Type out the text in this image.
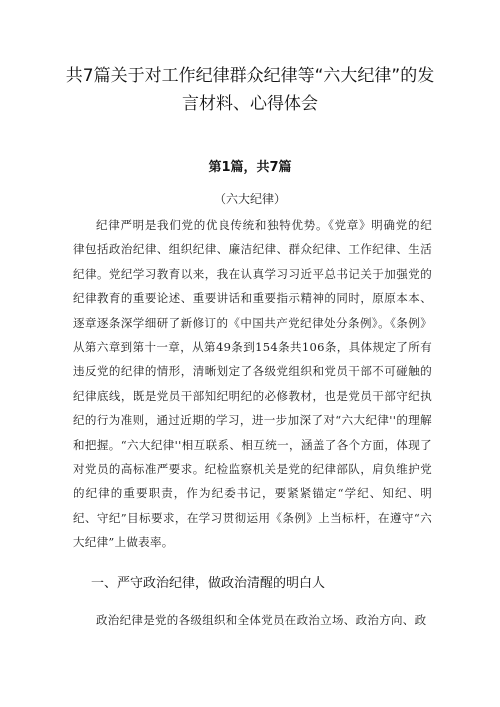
共7篇关于对工作纪律群众纪律等“六大纪律”的发言材料、心得体会
第1篇，共7篇
（六大纪律）

纪律严明是我们党的优良传统和独特优势。《党章》明确党的纪律包括政治纪律、组织纪律、廉洁纪律、群众纪律、工作纪律、生活纪律。党纪学习教育以来，我在认真学习习近平总书记关于加强党的纪律教育的重要论述、重要讲话和重要指示精神的同时，原原本本、逐章逐条深学细研了新修订的《中国共产党纪律处分条例》。《条例》从第六章到第十一章，从第49条到154条共106条，具体规定了所有违反党的纪律的情形，清晰划定了各级党组织和党员干部不可碰触的纪律底线，既是党员干部知纪明纪的必修教材，也是党员干部守纪执纪的行为准则，通过近期的学习，进一步加深了对“六大纪律''的理解和把握。“六大纪律''相互联系、相互统一，涵盖了各个方面，体现了对党员的高标准严要求。纪检监察机关是党的纪律部队，肩负维护党的纪律的重要职责，作为纪委书记，要紧紧锚定“学纪、知纪、明纪、守纪”目标要求，在学习贯彻运用《条例》上当标杆，在遵守“六大纪律”上做表率。

一、严守政治纪律，做政治清醒的明白人

政治纪律是党的各级组织和全体党员在政治立场、政治方向、政
